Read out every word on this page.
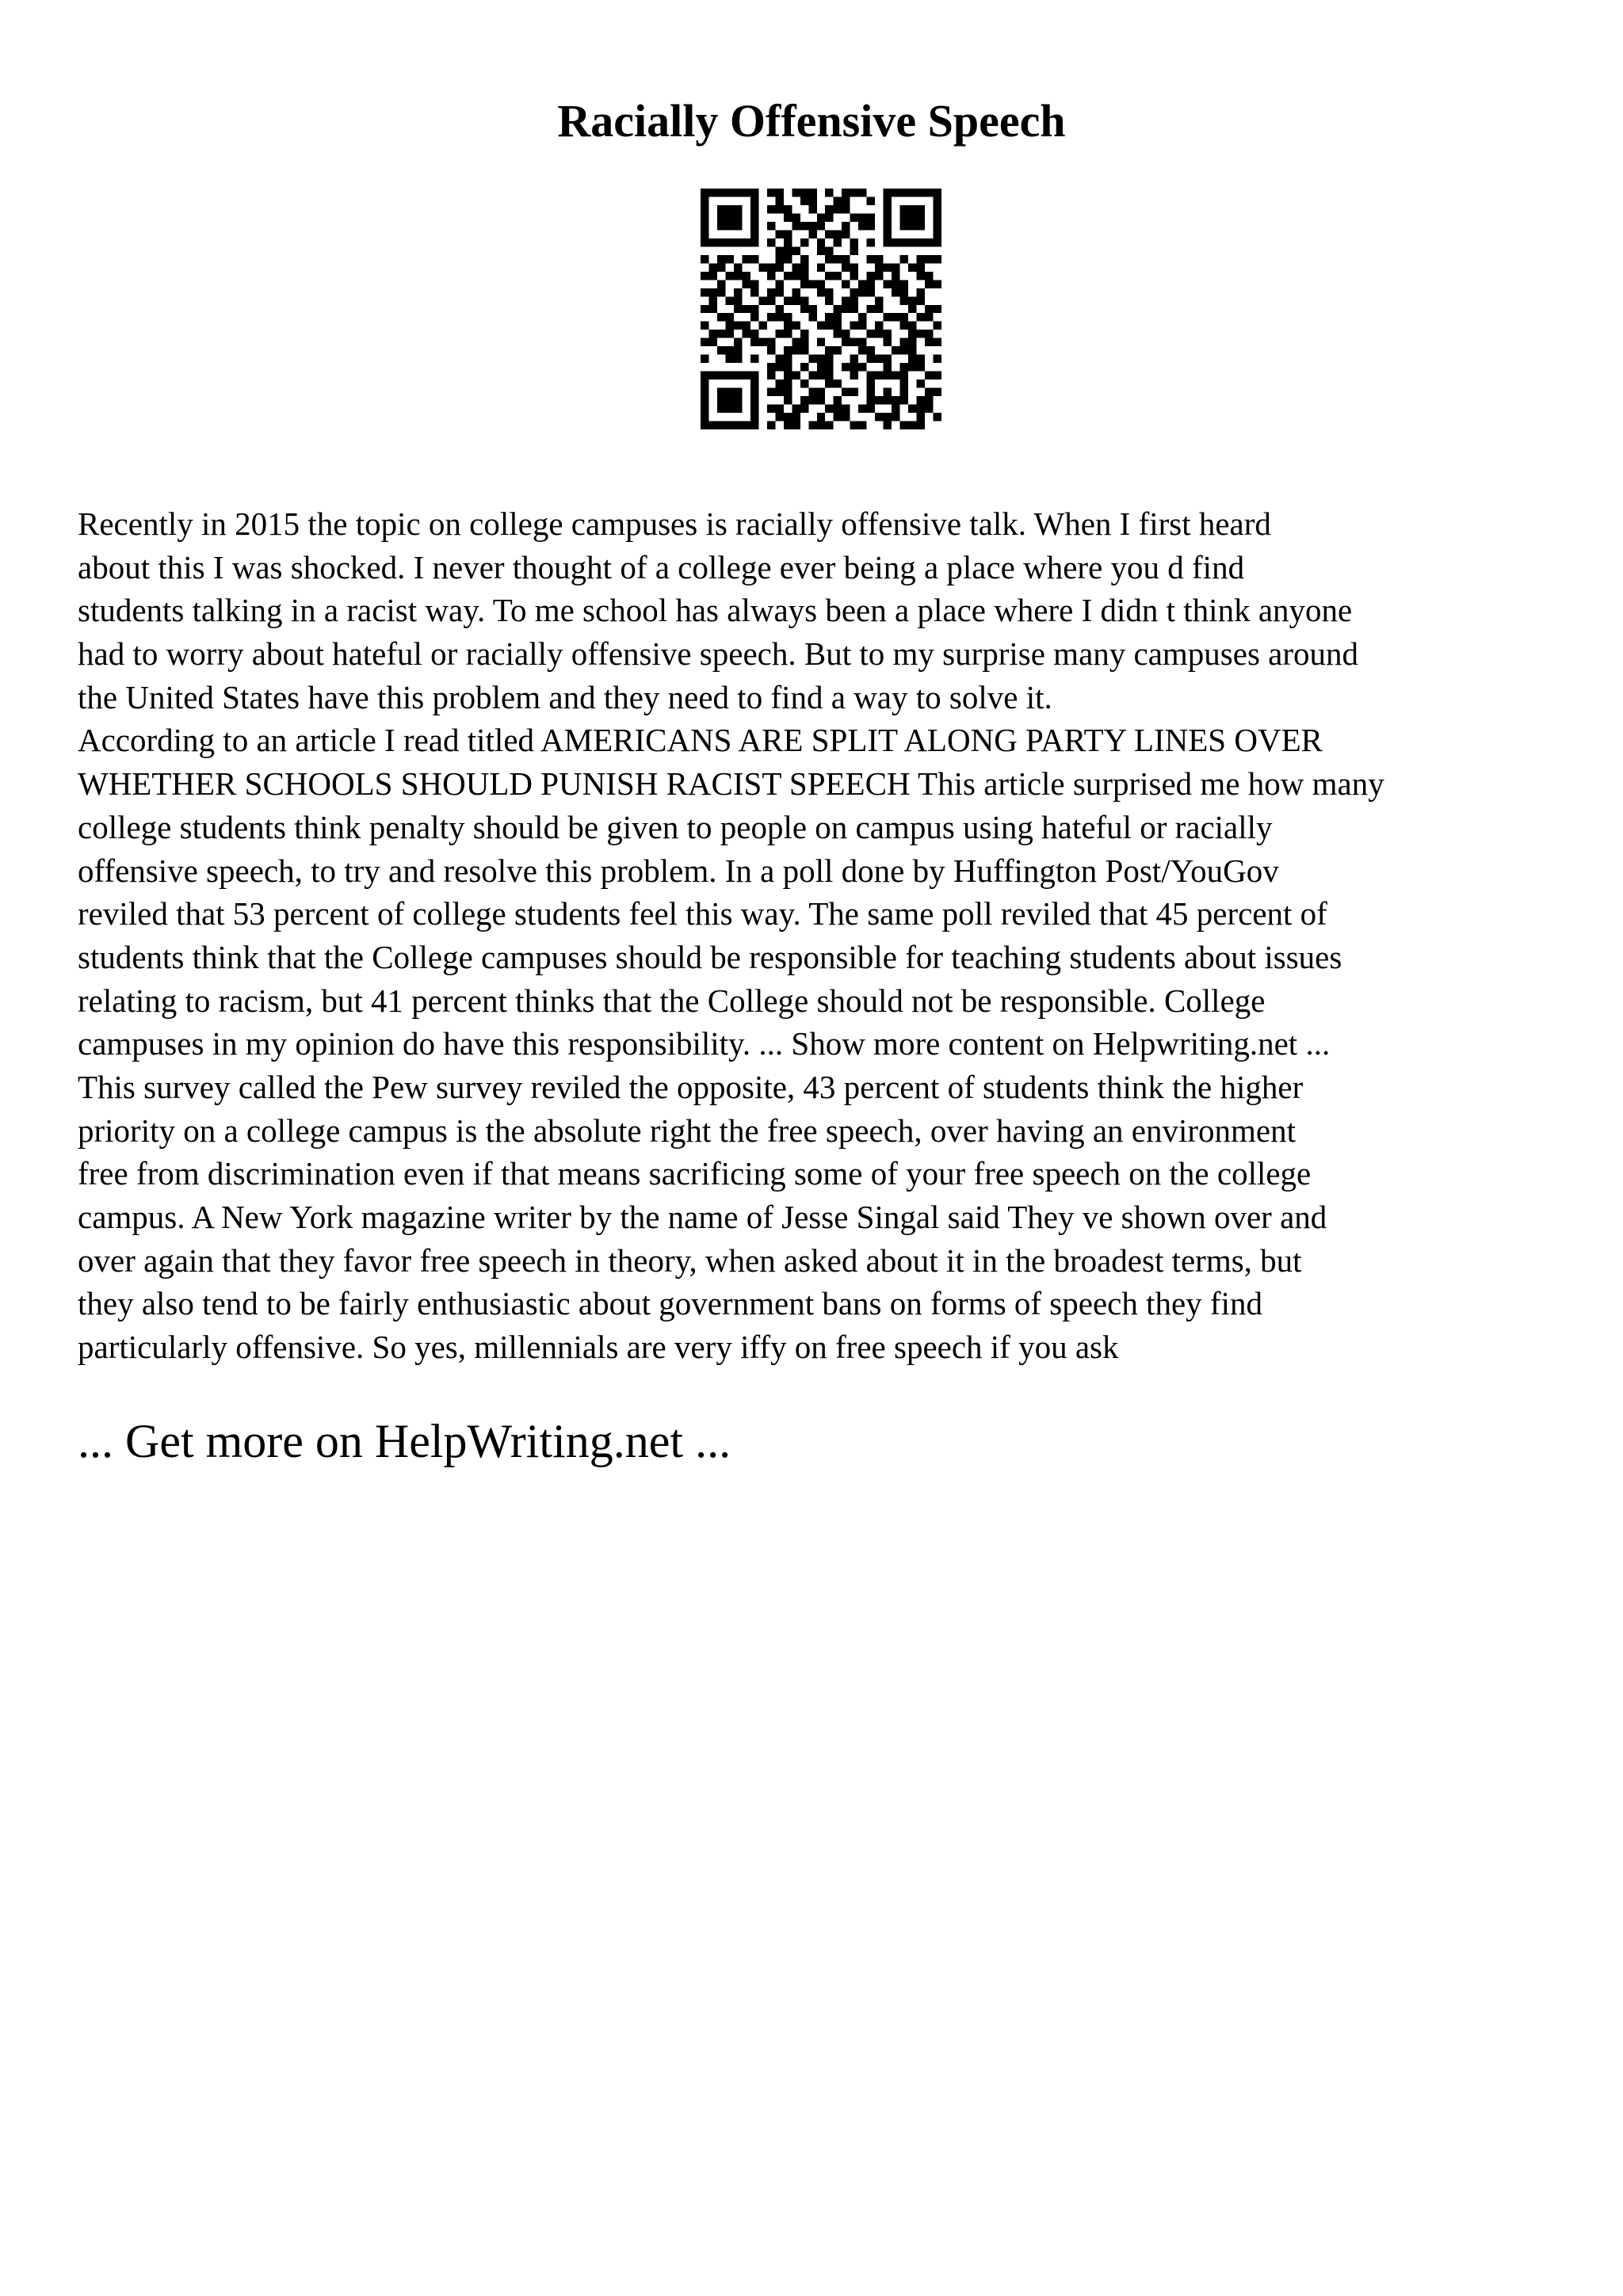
Racially Offensive Speech
Recently in 2015 the topic on college campuses is racially offensive talk. When I first heard
about this I was shocked. I never thought of a college ever being a place where you d find
students talking in a racist way. To me school has always been a place where I didn t think anyone
had to worry about hateful or racially offensive speech. But to my surprise many campuses around
the United States have this problem and they need to find a way to solve it.
According to an article I read titled AMERICANS ARE SPLIT ALONG PARTY LINES OVER
WHETHER SCHOOLS SHOULD PUNISH RACIST SPEECH This article surprised me how many
college students think penalty should be given to people on campus using hateful or racially
offensive speech, to try and resolve this problem. In a poll done by Huffington Post/YouGov
reviled that 53 percent of college students feel this way. The same poll reviled that 45 percent of
students think that the College campuses should be responsible for teaching students about issues
relating to racism, but 41 percent thinks that the College should not be responsible. College
campuses in my opinion do have this responsibility. ... Show more content on Helpwriting.net ...
This survey called the Pew survey reviled the opposite, 43 percent of students think the higher
priority on a college campus is the absolute right the free speech, over having an environment
free from discrimination even if that means sacrificing some of your free speech on the college
campus. A New York magazine writer by the name of Jesse Singal said They ve shown over and
over again that they favor free speech in theory, when asked about it in the broadest terms, but
they also tend to be fairly enthusiastic about government bans on forms of speech they find
particularly offensive. So yes, millennials are very iffy on free speech if you ask
... Get more on HelpWriting.net ...
